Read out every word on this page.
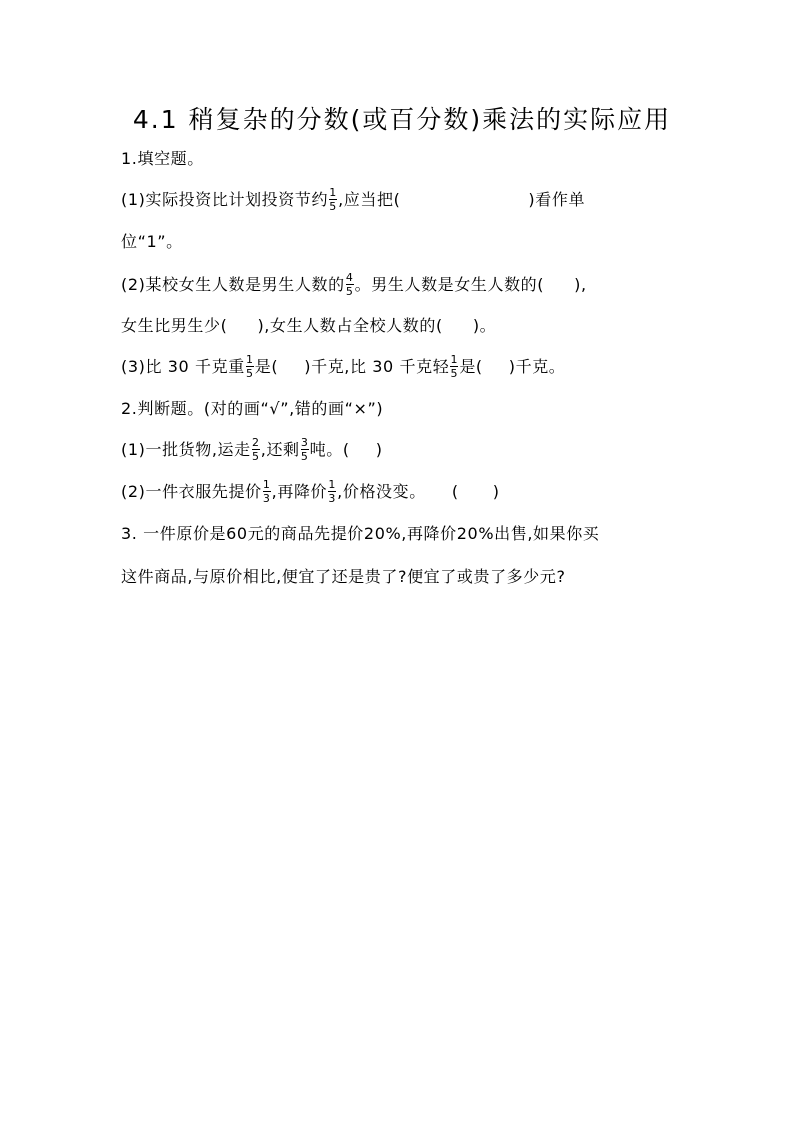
4.1 稍复杂的分数(或百分数)乘法的实际应用
1.填空题。
(1)实际投资比计划投资节约 $\frac{1}{5}$ ,应当把(	)看作单
位“1”。
(2)某校女生人数是男生人数的 $\frac{4}{5}$ 。男生人数是女生人数的( ),
女生比男生少( ),女生人数占全校人数的( )。
(3)比 30 千克重 $\frac{1}{5}$ 是( )千克,比 30 千克轻 $\frac{1}{5}$ 是( )千克。
2.判断题。(对的画“√”,错的画“×”)
(1)一批货物,运走 $\frac{2}{5}$ ,还剩 $\frac{3}{5}$ 吨。( )
(2)一件衣服先提价 $\frac{1}{3}$ ,再降价 $\frac{1}{3}$ ,价格没变。 ( )
3. 一件原价是60元的商品先提价20%,再降价20%出售,如果你买
这件商品,与原价相比,便宜了还是贵了?便宜了或贵了多少元?
